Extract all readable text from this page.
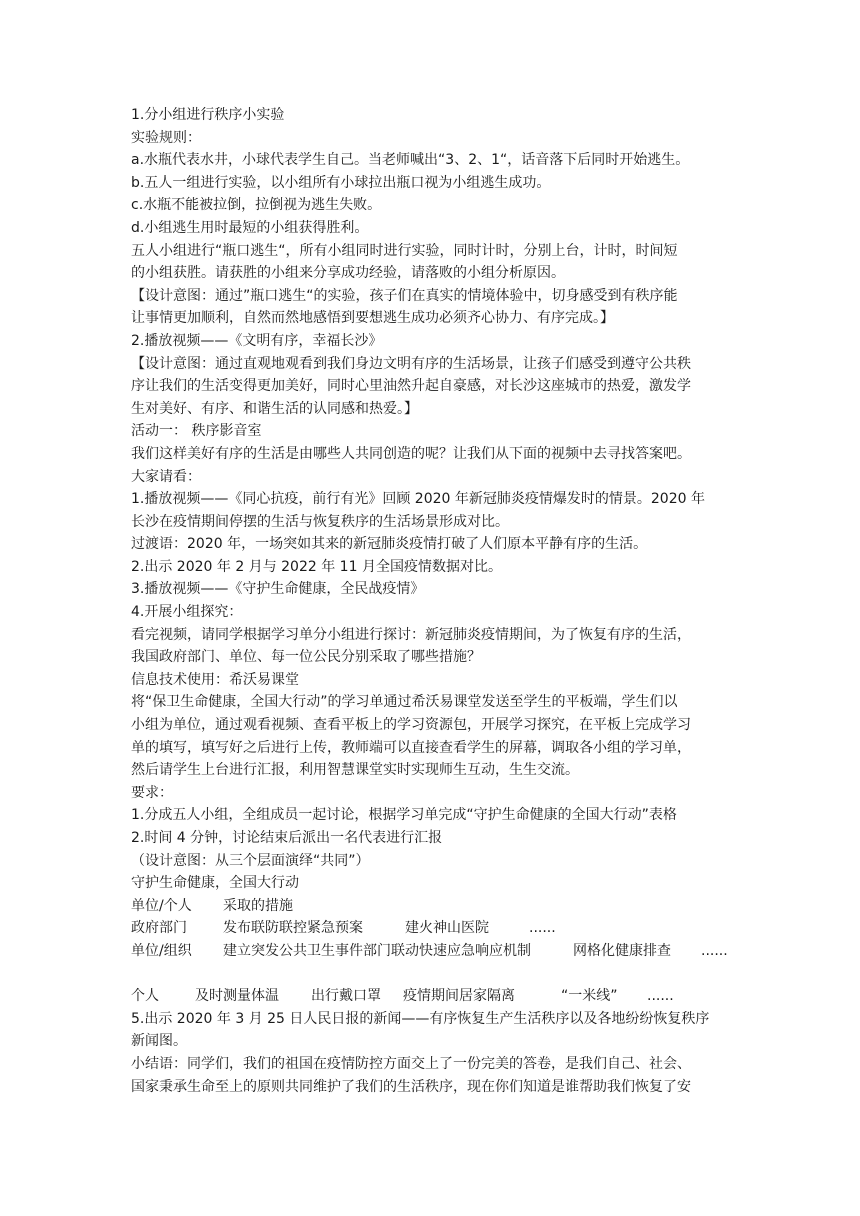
1.分小组进行秩序小实验
实验规则：
a.水瓶代表水井，小球代表学生自己。当老师喊出“3、2、1“，话音落下后同时开始逃生。
b.五人一组进行实验，以小组所有小球拉出瓶口视为小组逃生成功。
c.水瓶不能被拉倒，拉倒视为逃生失败。
d.小组逃生用时最短的小组获得胜利。
五人小组进行“瓶口逃生“，所有小组同时进行实验，同时计时，分别上台，计时，时间短
的小组获胜。请获胜的小组来分享成功经验，请落败的小组分析原因。
【设计意图：通过”瓶口逃生“的实验，孩子们在真实的情境体验中，切身感受到有秩序能
让事情更加顺利，自然而然地感悟到要想逃生成功必须齐心协力、有序完成。】
2.播放视频——《文明有序，幸福长沙》
【设计意图：通过直观地观看到我们身边文明有序的生活场景，让孩子们感受到遵守公共秩
序让我们的生活变得更加美好，同时心里油然升起自豪感，对长沙这座城市的热爱，激发学
生对美好、有序、和谐生活的认同感和热爱。】
活动一： 秩序影音室
我们这样美好有序的生活是由哪些人共同创造的呢？让我们从下面的视频中去寻找答案吧。
大家请看：
1.播放视频——《同心抗疫，前行有光》回顾 2020 年新冠肺炎疫情爆发时的情景。2020 年
长沙在疫情期间停摆的生活与恢复秩序的生活场景形成对比。
过渡语：2020 年，一场突如其来的新冠肺炎疫情打破了人们原本平静有序的生活。
2.出示 2020 年 2 月与 2022 年 11 月全国疫情数据对比。
3.播放视频——《守护生命健康，全民战疫情》
4.开展小组探究：
看完视频，请同学根据学习单分小组进行探讨：新冠肺炎疫情期间，为了恢复有序的生活，
我国政府部门、单位、每一位公民分别采取了哪些措施？
信息技术使用：希沃易课堂
将“保卫生命健康，全国大行动”的学习单通过希沃易课堂发送至学生的平板端，学生们以
小组为单位，通过观看视频、查看平板上的学习资源包，开展学习探究，在平板上完成学习
单的填写，填写好之后进行上传，教师端可以直接查看学生的屏幕，调取各小组的学习单，
然后请学生上台进行汇报，利用智慧课堂实时实现师生互动，生生交流。
要求：
1.分成五人小组，全组成员一起讨论，根据学习单完成“守护生命健康的全国大行动”表格
2.时间 4 分钟，讨论结束后派出一名代表进行汇报
（设计意图：从三个层面演绎“共同”）
守护生命健康，全国大行动
单位/个人 采取的措施
政府部门	发布联防联控紧急预案	建火神山医院	......
单位/组织 建立突发公共卫生事件部门联动快速应急响应机制	网格化健康排查 ......
个人	及时测量体温 出行戴口罩 疫情期间居家隔离	“一米线” ......
5.出示 2020 年 3 月 25 日人民日报的新闻——有序恢复生产生活秩序以及各地纷纷恢复秩序
新闻图。
小结语：同学们，我们的祖国在疫情防控方面交上了一份完美的答卷，是我们自己、社会、
国家秉承生命至上的原则共同维护了我们的生活秩序，现在你们知道是谁帮助我们恢复了安
